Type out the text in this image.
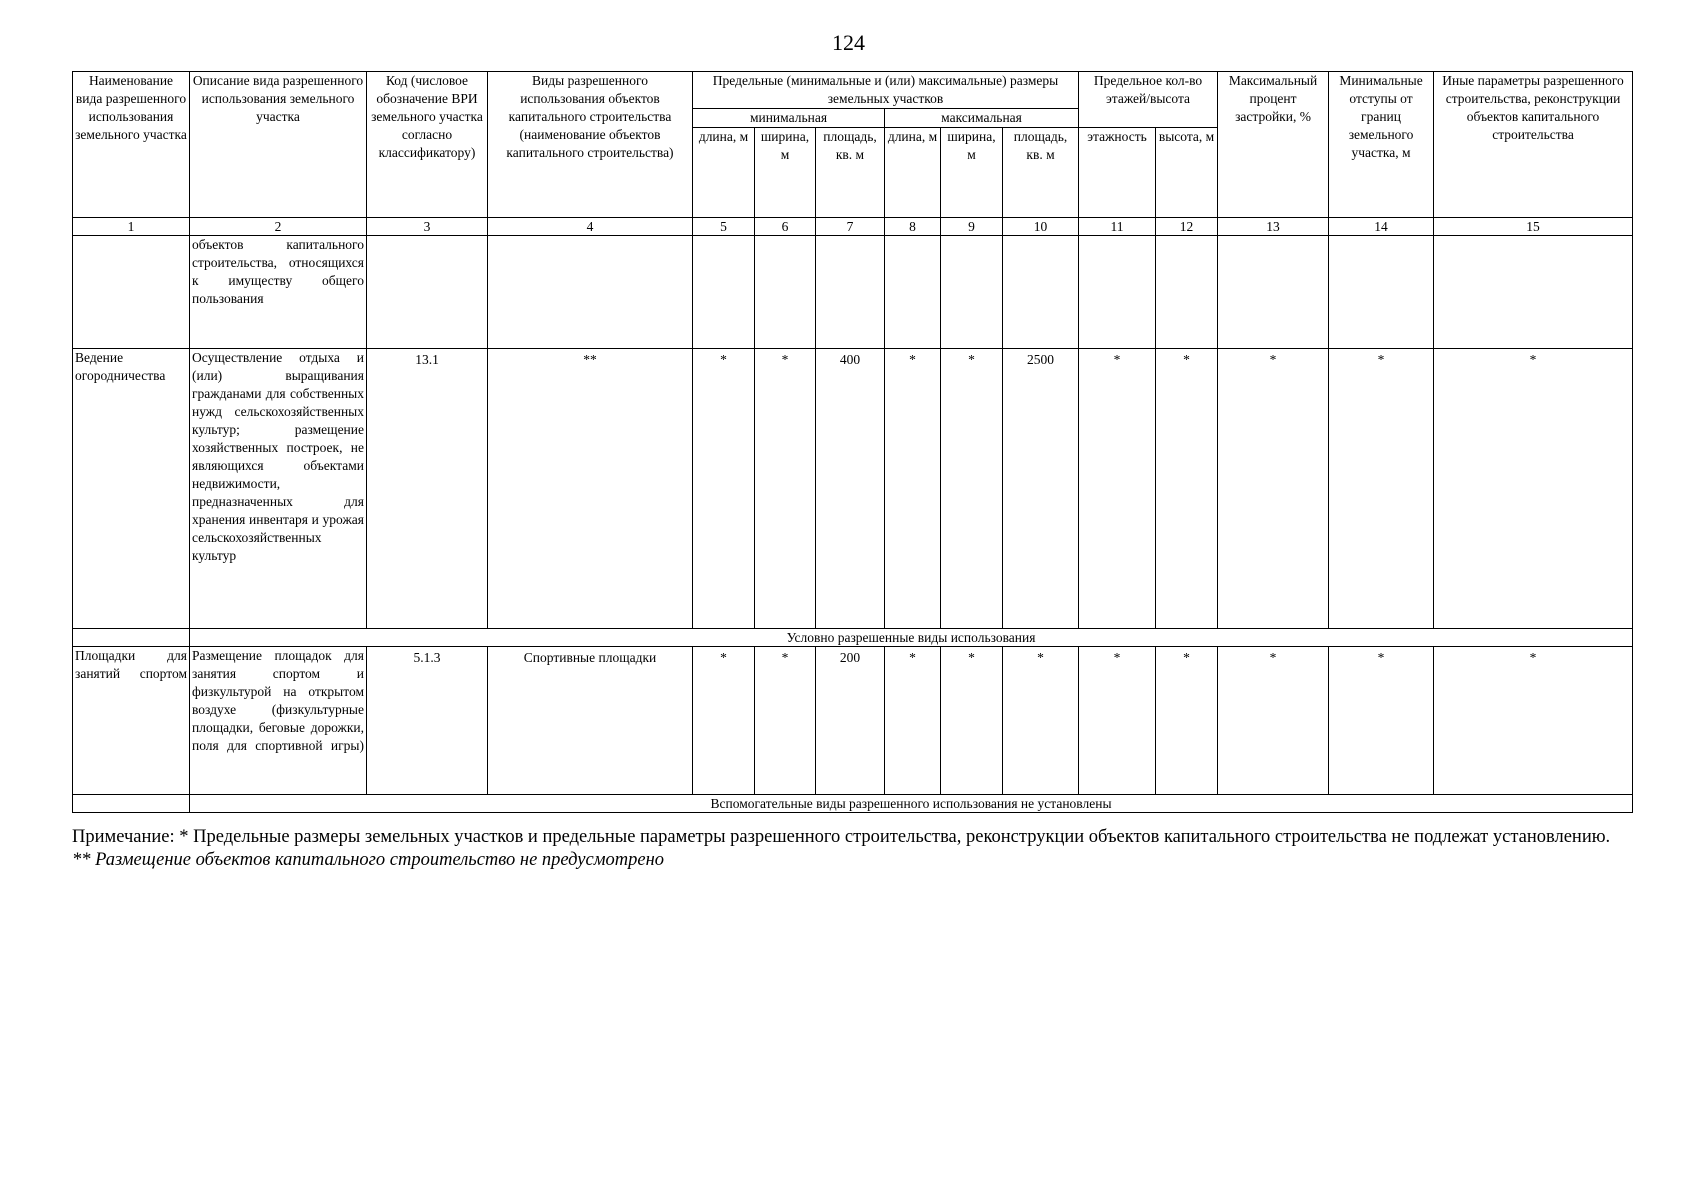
124
Наименование вида разрешенного использования земельного участка	Описание вида разрешенного использования земельного участка	Код (числовое обозначение ВРИ земельного участка согласно классификатору)	Виды разрешенного использования объектов капитального строительства (наименование объектов капитального строительства)	Предельные (минимальные и (или) максимальные) размеры земельных участков						Предельное кол-во этажей/высота		Максимальный процент застройки, %	Минимальные отступы от границ земельного участка, м	Иные параметры разрешенного строительства, реконструкции объектов капитального строительства
				минимальная			максимальная							
				длина, м	ширина, м	площадь, кв. м	длина, м	ширина, м	площадь, кв. м	этажность	высота, м			
1	2	3	4	5	6	7	8	9	10	11	12	13	14	15
	объектов капитального строительства, относящихся к имуществу общего пользования													
Ведение огородничества	Осуществление отдыха и (или) выращивания гражданами для собственных нужд сельскохозяйственных культур; размещение хозяйственных построек, не являющихся объектами недвижимости, предназначенных для хранения инвентаря и урожая сельскохозяйственных культур	13.1	**	*	*	400	*	*	2500	*	*	*	*	*
	Условно разрешенные виды использования													
Площадки для занятий спортом	Размещение площадок для занятия спортом и физкультурой на открытом воздухе (физкультурные площадки, беговые дорожки, поля для спортивной игры)	5.1.3	Спортивные площадки	*	*	200	*	*	*	*	*	*	*	*
	Вспомогательные виды разрешенного использования не установлены													
Примечание: * Предельные размеры земельных участков и предельные параметры разрешенного строительства, реконструкции объектов капитального строительства не подлежат установлению.
** Размещение объектов капитального строительство не предусмотрено
